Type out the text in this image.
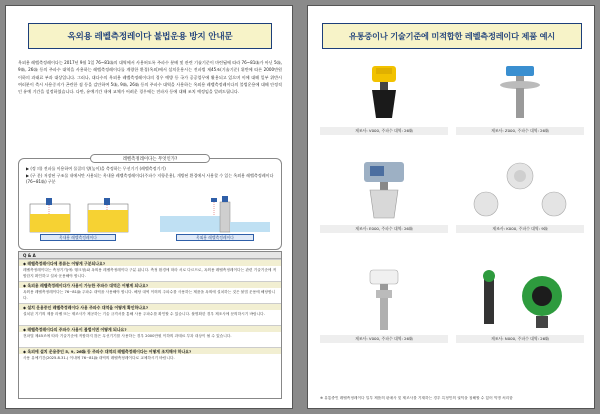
옥외용 레벨측정레이다 불법운용 방지 안내문
옥외용 레벨측정레이다는 2017년 9월 1일 76~81㎓의 대역에서 사용허도록 주파수 분배 및 관련 기술기준이 마련됨에 따라 76~81㎓가 아닌 5㎓, 9㎓, 26㎓ 등의 주파수 대역을 사용하는 레벨측정레이다를 계량한 환경(옥외)에서 설치운용시는 전파법 제45조(기술기준) 위반에 따른 2000만원 이하의 과태료 부과 대상입니다. 그러나, 대다수의 옥외용 레벨측정레이다의 경우 예방 등 국가 공공업무에 활용되고 있으며 이에 대해 일부 위반시 여러분이 측시 사용중지가 곤란한 점 등을 감안하여 5㎓, 9㎓, 26㎓ 등의 주파수 대역을 사용하는 옥외용 레벨측정레이다의 불법운용에 대해 안정적인 유예 기간을 설정하였습니다. 다만, 유예기간 내에 교체가 어려운 경우에는 전파자 등에 대해 조치 예정임을 알려드립니다.
레벨측정레이다는 무엇인가?
▶ (정 의) 전파를 이용하여 물질의 양(높이)을 측정하는 무선기기 (레벨측정기기)
▶ (구 분) 저장된 구조물 내에서만 사용되는 옥내용 레벨측정레이다(주파수 저항운용), 개방된 환경에서 사용할 수 있는 옥외용 레벨측정레이다(76~81㎓) 구분
옥내용 레벨측정레이다	옥외용 레벨측정레이다
Q & A
◆ 레벨측정레이다에 종류는 어떻게 구분되나요?
레벨측정레이다는 측정기기(예: 탱크형)와 옥외용 레벨측정레이다 구분 됩니다. 측정 환경에 따라 서로 다르므로, 옥외용 레벨측정레이다는 관련 기술기준에 적합한지 확인하고 설치·운용해야 합니다.
◆ 옥외용 레벨측정레이다가 사용이 가능한 주파수 대역은 어떻게 되나요?
옥외용 레벨측정레이다는 76~81㎓ 주파수 대역을 사용해야 합니다. 해당 대역 이외의 주파수를 사용하는 제품을 옥외에 설치하는 것은 불법 운용에 해당합니다.
◆ 설치 운용중인 레벨측정레이다 사용 주파수 대역을 어떻게 확인하나요?
설치된 기기의 제품 라벨 또는 제조사가 제공하는 기술 규격서를 통해 사용 주파수를 확인할 수 있습니다. 불명확한 경우 제조사에 문의하시기 바랍니다.
◆ 레벨측정레이다의 주파수 사용이 불법이면 어떻게 되나요?
전파법 제45조에 따라 기술기준에 적합하지 않은 무선기기를 사용하는 경우 2000만원 이하의 과태료 부과 대상이 될 수 있습니다.
◆ 옥외에 설치 운용중인 5, 9, 26㎓ 등 주파수 대역의 레벨측정레이다는 어떻게 조치해야 하나요?
사용 유예기간(2025.8.31.) 이내에 76~81㎓ 대역의 레벨측정레이다로 교체하시기 바랍니다.
유통중이나 기술기준에 미적합한 레벨측정레이다 제품 예시
제조사: V000, 주파수 대역: 26㎓	제조사: Z000, 주파수 대역: 26㎓
제조사: E000, 주파수 대역: 26㎓	제조사: K000, 주파수 대역: 9㎓
제조사: V000, 주파수 대역: 26㎓	제조사: N000, 주파수 대역: 26㎓
※ 유통중인 레벨측정레이다 일부 제품의 판매사 및 제조사를 기재하는 경우 특정인의 권익을 침해할 수 있어 익명 처리함
